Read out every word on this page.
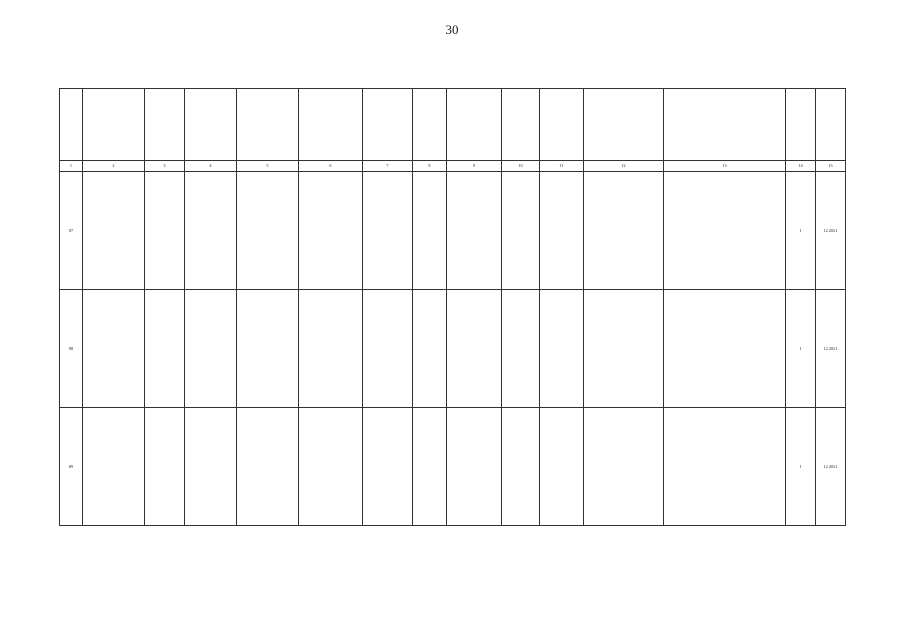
30

1	2	3	4	5	6	7	8	9	10	11	12	13	14	15
87													1	12.2021
88													1	12.2021
89													1	12.2021
